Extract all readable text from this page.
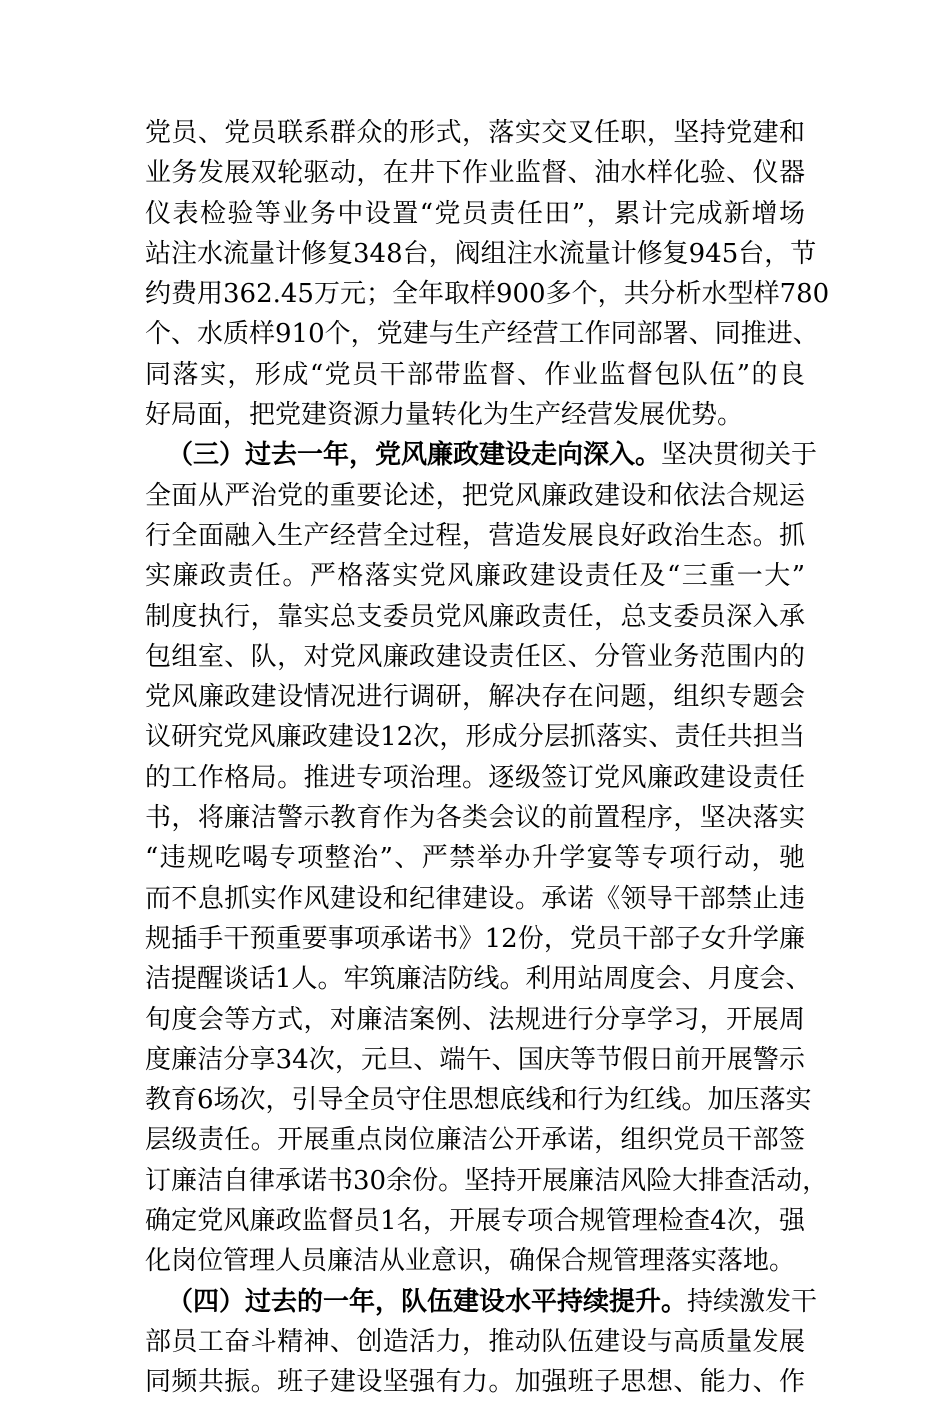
党员、党员联系群众的形式，落实交叉任职，坚持党建和
业务发展双轮驱动，在井下作业监督、油水样化验、仪器
仪表检验等业务中设置“党员责任田”，累计完成新增场
站注水流量计修复348台，阀组注水流量计修复945台，节
约费用362.45万元；全年取样900多个，共分析水型样780
个、水质样910个，党建与生产经营工作同部署、同推进、
同落实，形成“党员干部带监督、作业监督包队伍”的良
好局面，把党建资源力量转化为生产经营发展优势。
（三）过去一年，党风廉政建设走向深入。坚决贯彻关于
全面从严治党的重要论述，把党风廉政建设和依法合规运
行全面融入生产经营全过程，营造发展良好政治生态。抓
实廉政责任。严格落实党风廉政建设责任及“三重一大”
制度执行，靠实总支委员党风廉政责任，总支委员深入承
包组室、队，对党风廉政建设责任区、分管业务范围内的
党风廉政建设情况进行调研，解决存在问题，组织专题会
议研究党风廉政建设12次，形成分层抓落实、责任共担当
的工作格局。推进专项治理。逐级签订党风廉政建设责任
书，将廉洁警示教育作为各类会议的前置程序，坚决落实
“违规吃喝专项整治”、严禁举办升学宴等专项行动，驰
而不息抓实作风建设和纪律建设。承诺《领导干部禁止违
规插手干预重要事项承诺书》12份，党员干部子女升学廉
洁提醒谈话1人。牢筑廉洁防线。利用站周度会、月度会、
旬度会等方式，对廉洁案例、法规进行分享学习，开展周
度廉洁分享34次，元旦、端午、国庆等节假日前开展警示
教育6场次，引导全员守住思想底线和行为红线。加压落实
层级责任。开展重点岗位廉洁公开承诺，组织党员干部签
订廉洁自律承诺书30余份。坚持开展廉洁风险大排查活动，
确定党风廉政监督员1名，开展专项合规管理检查4次，强
化岗位管理人员廉洁从业意识，确保合规管理落实落地。
（四）过去的一年，队伍建设水平持续提升。持续激发干
部员工奋斗精神、创造活力，推动队伍建设与高质量发展
同频共振。班子建设坚强有力。加强班子思想、能力、作
